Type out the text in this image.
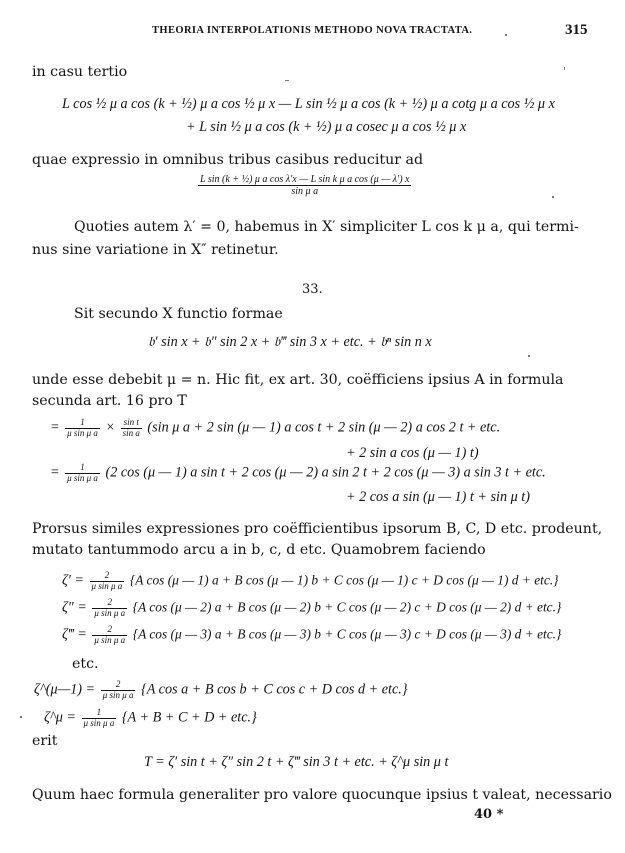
THEORIA INTERPOLATIONIS METHODO NOVA TRACTATA.	315
in casu tertio
L cos ½ μ a cos (k + ½) μ a cos ½ μ x — L sin ½ μ a cos (k + ½) μ a cotg μ a cos ½ μ x
+ L sin ½ μ a cos (k + ½) μ a cosec μ a cos ½ μ x
quae expressio in omnibus tribus casibus reducitur ad
$\frac{\text{L sin (k + ½) μ a cos λ′x — L sin k μ a cos (μ — λ′) x}}{\text{sin μ a}}$
Quoties autem λ′ = 0, habemus in X′ simpliciter L cos k μ a, qui termi-
nus sine variatione in X″ retinetur.
33.
Sit secundo X functio formae
𝔟′ sin x + 𝔟″ sin 2 x + 𝔟‴ sin 3 x + etc. + 𝔟ⁿ sin n x
unde esse debebit μ = n. Hic fit, ex art. 30, coëfficiens ipsius A in formula
secunda art. 16 pro T
= $\frac{1}{\text{μ sin μ a}} \times \frac{\text{sin t}}{\text{sin a}} (\sin$ μ a + 2 sin (μ — 1) a cos t + 2 sin (μ — 2) a cos 2 t + etc.
+ 2 sin a cos (μ — 1) t)
= $\frac{1}{\text{μ sin μ a}} (2$ cos (μ — 1) a sin t + 2 cos (μ — 2) a sin 2 t + 2 cos (μ — 3) a sin 3 t + etc.
+ 2 cos a sin (μ — 1) t + sin μ t)
Prorsus similes expressiones pro coëfficientibus ipsorum B, C, D etc. prodeunt,
mutato tantummodo arcu a in b, c, d etc. Quamobrem faciendo
$\zeta' = \frac{2}{\text{μ sin μ a}} \{A$ cos (μ — 1) a + B cos (μ — 1) b + C cos (μ — 1) c + D cos (μ — 1) d + etc.}
$\zeta'' = \frac{2}{\text{μ sin μ a}} \{A$ cos (μ — 2) a + B cos (μ — 2) b + C cos (μ — 2) c + D cos (μ — 2) d + etc.}
ζ‴ = $\frac{2}{\text{μ sin μ a}} \{A$ cos (μ — 3) a + B cos (μ — 3) b + C cos (μ — 3) c + D cos (μ — 3) d + etc.}
etc.
ζ^(μ—1) = $\frac{2}{\text{μ sin μ a}} \{A$ cos a + B cos b + C cos c + D cos d + etc.}
ζ^μ = $\frac{1}{\text{μ sin μ a}} \{A + B + C + D + etc.\}$
erit
T = ζ′ sin t + ζ″ sin 2 t + ζ‴ sin 3 t + etc. + ζ^μ sin μ t
Quum haec formula generaliter pro valore quocunque ipsius t valeat, necessario
40 *
